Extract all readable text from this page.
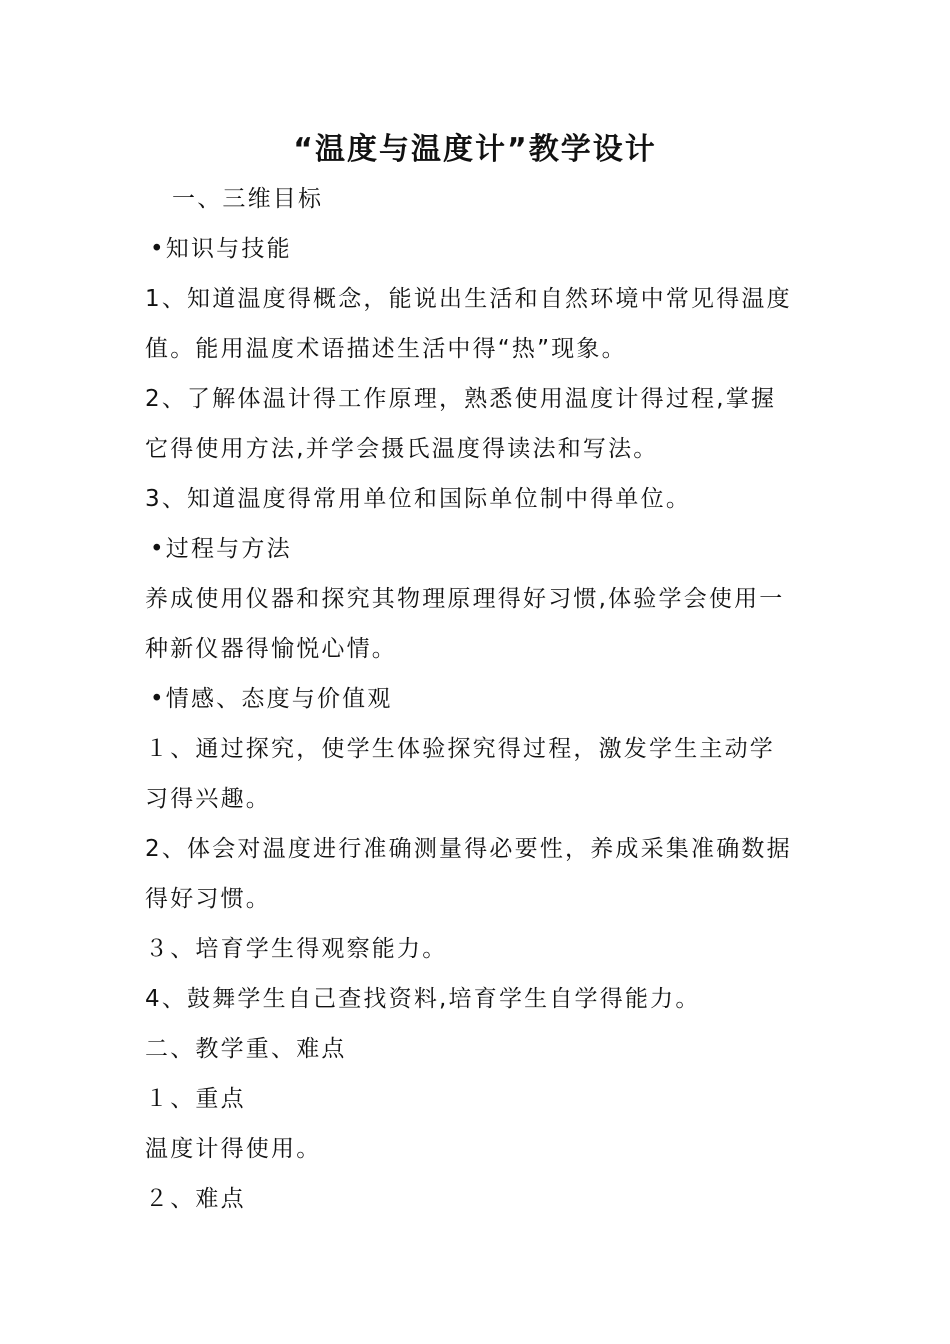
“温度与温度计”教学设计
一、三维目标
•知识与技能
1、知道温度得概念，能说出生活和自然环境中常见得温度
值。能用温度术语描述生活中得“热”现象。
2、了解体温计得工作原理，熟悉使用温度计得过程,掌握
它得使用方法,并学会摄氏温度得读法和写法。
3、知道温度得常用单位和国际单位制中得单位。
•过程与方法
养成使用仪器和探究其物理原理得好习惯,体验学会使用一
种新仪器得愉悦心情。
•情感、态度与价值观
１、通过探究，使学生体验探究得过程，激发学生主动学
习得兴趣。
2、体会对温度进行准确测量得必要性，养成采集准确数据
得好习惯。
３、培育学生得观察能力。
4、鼓舞学生自己查找资料,培育学生自学得能力。
二、教学重、难点
１、重点
温度计得使用。
２、难点
